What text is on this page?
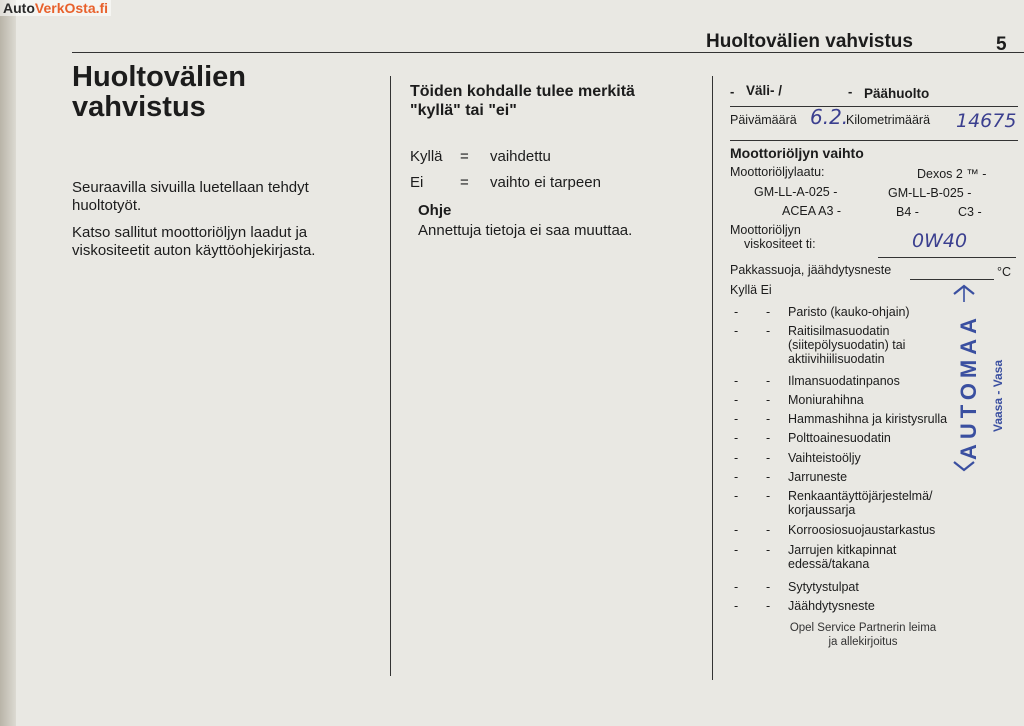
AutoVerkOsta.fi
Huoltovälien vahvistus	5
Huoltovälien
vahvistus
Seuraavilla sivuilla luetellaan tehdyt
huoltotyöt.
Katso sallitut moottoriöljyn laadut ja
viskositeetit auton käyttöohjekirjasta.
Töiden kohdalle tulee merkitä
"kyllä" tai "ei"
Kyllä = vaihdettu
Ei = vaihto ei tarpeen
Ohje
Annettuja tietoja ei saa muuttaa.
- Väli- /	- Päähuolto
Päivämäärä 6.2.
Kilometrimäärä 14675
Moottoriöljyn vaihto
Moottoriöljylaatu:	Dexos 2 ™ -
GM-LL-A-025 -	GM-LL-B-025 -
ACEA A3 -	B4 -	C3 -
Moottoriöljyn
viskositeet ti:	0W40
Pakkassuoja, jäähdytysneste	°C
Kyllä Ei
- - Paristo (kauko-ohjain)
- - Raitisilmasuodatin
(siitepölysuodatin) tai
aktiivihiilisuodatin
- - Ilmansuodatinpanos
- - Moniurahihna
- - Hammashihna ja kiristysrulla
- - Polttoainesuodatin
- - Vaihteistoöljy
- - Jarruneste
- - Renkaantäyttöjärjestelmä/
korjaussarja
- - Korroosiosuojaustarkastus
- - Jarrujen kitkapinnat
edessä/takana
- - Sytytystulpat
- - Jäähdytysneste
Opel Service Partnerin leima
ja allekirjoitus
AUTOMAA Vaasa - Vasa
